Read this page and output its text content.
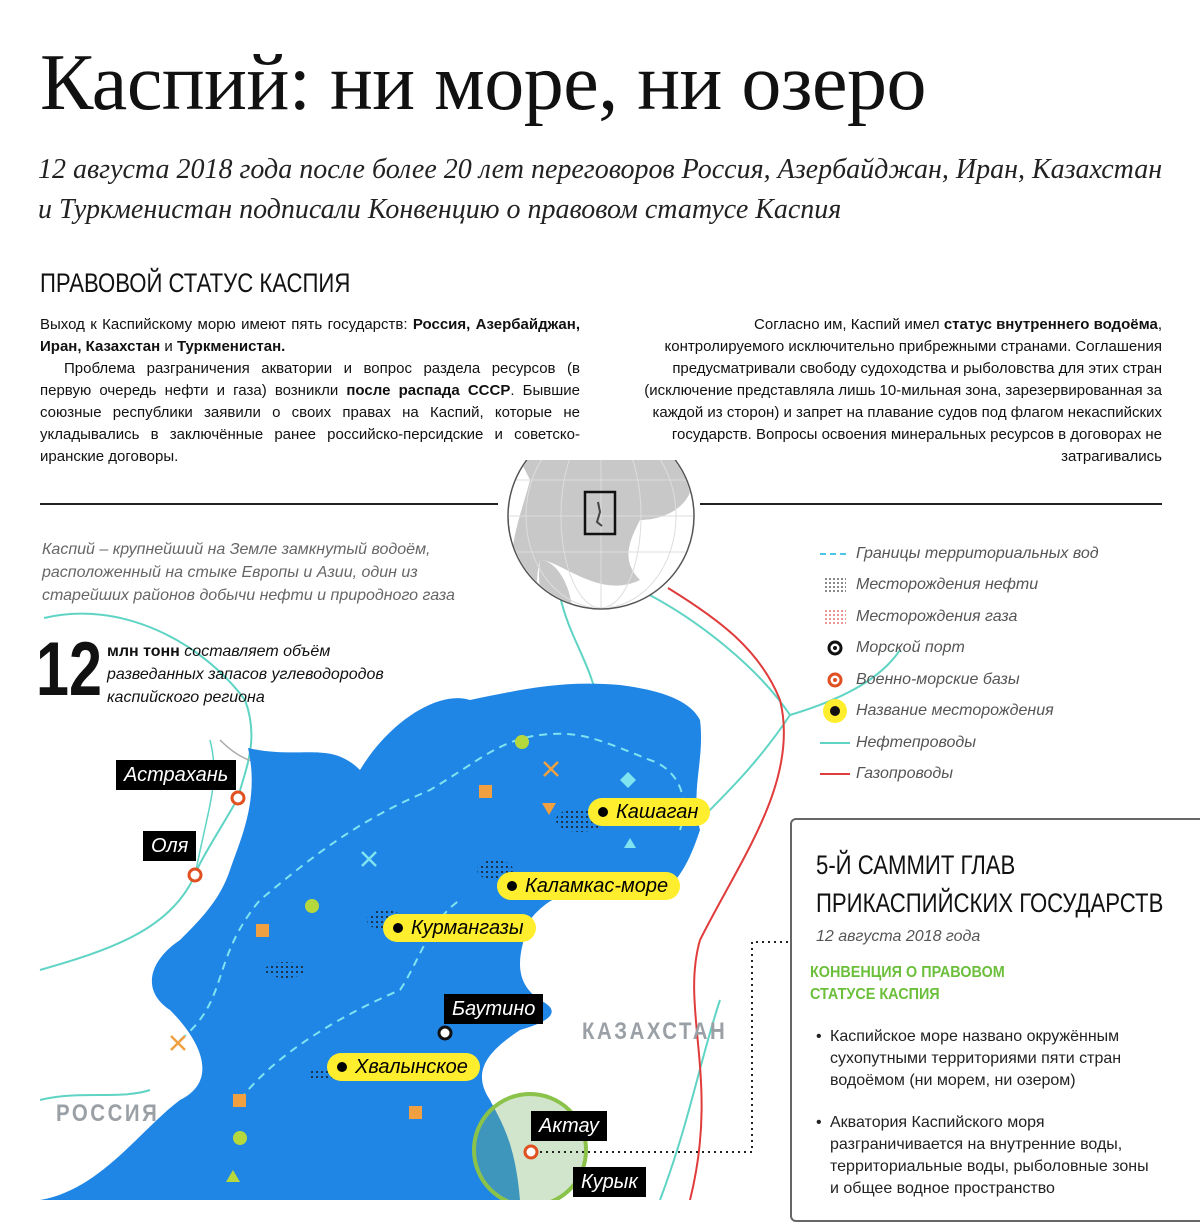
Каспий: ни море, ни озеро
12 августа 2018 года после более 20 лет переговоров Россия, Азербайджан, Иран, Казахстан и Туркменистан подписали Конвенцию о правовом статусе Каспия
ПРАВОВОЙ СТАТУС КАСПИЯ
Выход к Каспийскому морю имеют пять государств: Россия, Азербайджан, Иран, Казахстан и Туркменистан.
Проблема разграничения акватории и вопрос раздела ресурсов (в первую очередь нефти и газа) возникли после распада СССР. Бывшие союзные республики заявили о своих правах на Каспий, которые не укладывались в заключённые ранее российско-персидские и советско-иранские договоры.
Согласно им, Каспий имел статус внутреннего водоёма, контролируемого исключительно прибрежными странами. Соглашения предусматривали свободу судоходства и рыболовства для этих стран (исключение представляла лишь 10-мильная зона, зарезервированная за каждой из сторон) и запрет на плавание судов под флагом некаспийских государств. Вопросы освоения минеральных ресурсов в договорах не затрагивались
Каспий – крупнейший на Земле замкнутый водоём, расположенный на стыке Европы и Азии, один из старейших районов добычи нефти и природного газа
12 млн тонн составляет объём разведанных запасов углеводородов каспийского региона
Границы территориальных вод
Месторождения нефти
Месторождения газа
Морской порт
Военно-морские базы
Название месторождения
Нефтепроводы
Газопроводы
Астрахань
Оля
Баутино
Актау
Курык
Кашаган
Каламкас-море
Курмангазы
Хвалынское
КАЗАХСТАН
РОССИЯ
5-Й САММИТ ГЛАВ
ПРИКАСПИЙСКИХ ГОСУДАРСТВ
12 августа 2018 года
КОНВЕНЦИЯ О ПРАВОВОМ
СТАТУСЕ КАСПИЯ
• Каспийское море названо окружённым сухопутными территориями пяти стран водоёмом (ни морем, ни озером)
• Акватория Каспийского моря разграничивается на внутренние воды, территориальные воды, рыболовные зоны и общее водное пространство
